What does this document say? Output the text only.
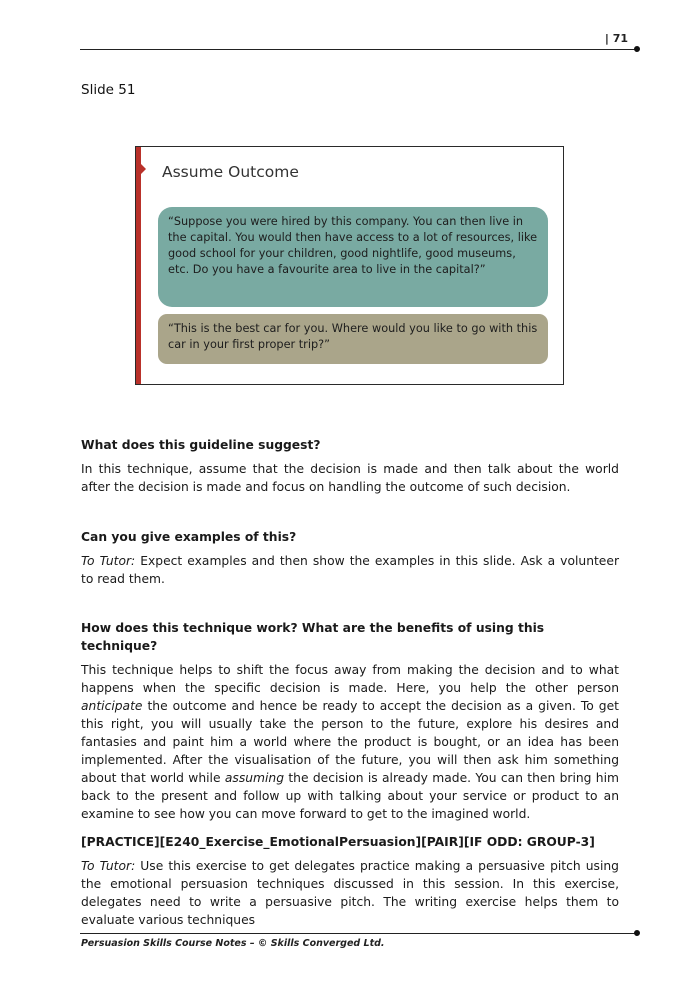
| 71
Slide 51
Assume Outcome
“Suppose you were hired by this company. You can then live in the capital. You would then have access to a lot of resources, like good school for your children, good nightlife, good museums, etc. Do you have a favourite area to live in the capital?”
“This is the best car for you. Where would you like to go with this car in your first proper trip?”
What does this guideline suggest?
In this technique, assume that the decision is made and then talk about the world after the decision is made and focus on handling the outcome of such decision.
Can you give examples of this?
To Tutor: Expect examples and then show the examples in this slide. Ask a volunteer to read them.
How does this technique work? What are the benefits of using this technique?
This technique helps to shift the focus away from making the decision and to what happens when the specific decision is made. Here, you help the other person anticipate the outcome and hence be ready to accept the decision as a given. To get this right, you will usually take the person to the future, explore his desires and fantasies and paint him a world where the product is bought, or an idea has been implemented. After the visualisation of the future, you will then ask him something about that world while assuming the decision is already made. You can then bring him back to the present and follow up with talking about your service or product to an examine to see how you can move forward to get to the imagined world.
[PRACTICE][E240_Exercise_EmotionalPersuasion][PAIR][IF ODD: GROUP-3]
To Tutor: Use this exercise to get delegates practice making a persuasive pitch using the emotional persuasion techniques discussed in this session. In this exercise, delegates need to write a persuasive pitch. The writing exercise helps them to evaluate various techniques
Persuasion Skills Course Notes – © Skills Converged Ltd.
